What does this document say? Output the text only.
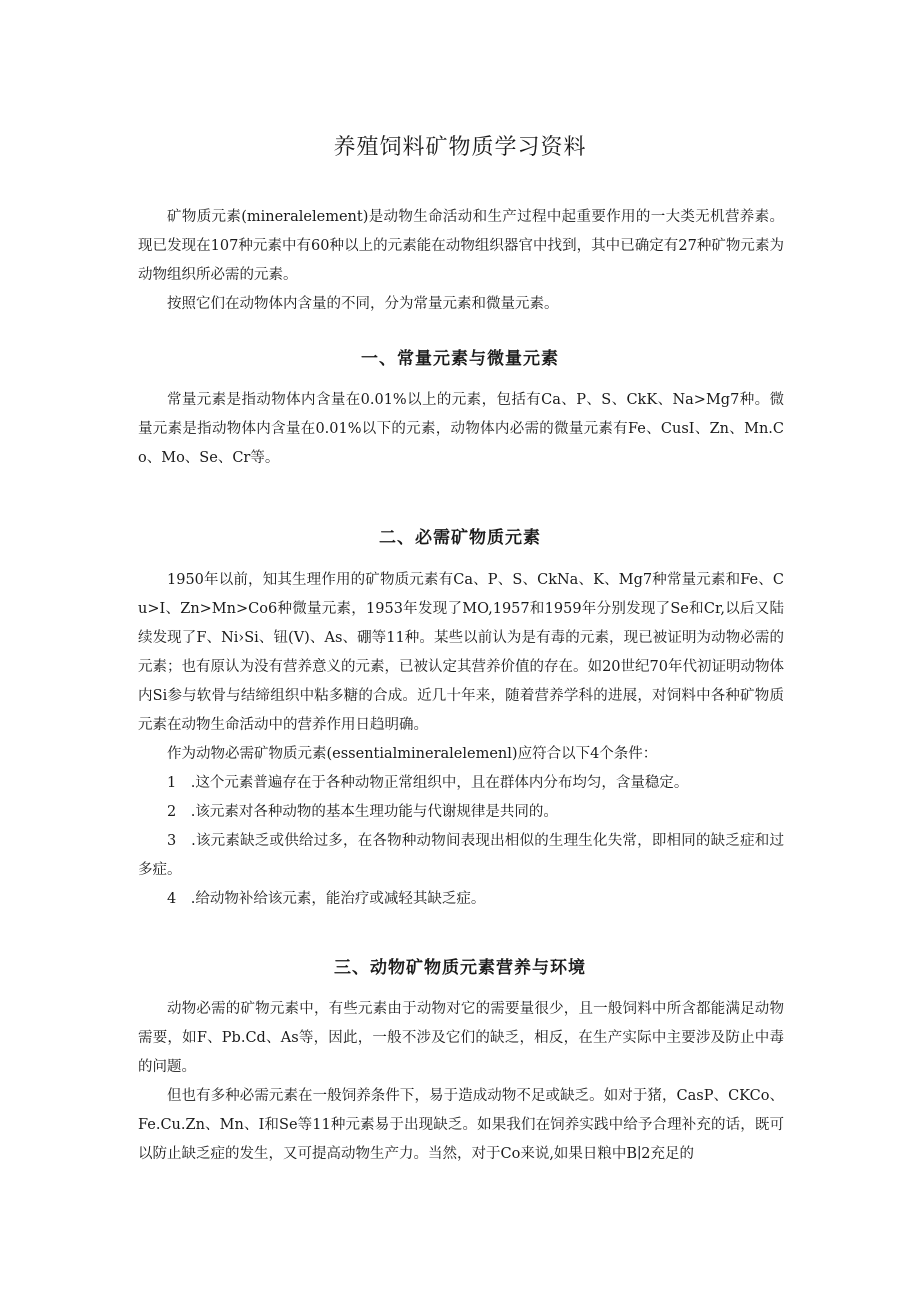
养殖饲料矿物质学习资料

矿物质元素(mineralelement)是动物生命活动和生产过程中起重要作用的一大类无机营养素。现已发现在107种元素中有60种以上的元素能在动物组织器官中找到，其中已确定有27种矿物元素为动物组织所必需的元素。

按照它们在动物体内含量的不同，分为常量元素和微量元素。

一、常量元素与微量元素

常量元素是指动物体内含量在0.01%以上的元素，包括有Ca、P、S、CkK、Na>Mg7种。微量元素是指动物体内含量在0.01%以下的元素，动物体内必需的微量元素有Fe、CusI、Zn、Mn.Co、Mo、Se、Cr等。

二、必需矿物质元素

1950年以前，知其生理作用的矿物质元素有Ca、P、S、CkNa、K、Mg7种常量元素和Fe、Cu>I、Zn>Mn>Co6种微量元素，1953年发现了MO,1957和1959年分别发现了Se和Cr,以后又陆续发现了F、Ni›Si、钮(V)、As、硼等11种。某些以前认为是有毒的元素，现已被证明为动物必需的元素；也有原认为没有营养意义的元素，已被认定其营养价值的存在。如20世纪70年代初证明动物体内Si参与软骨与结缔组织中粘多糖的合成。近几十年来，随着营养学科的进展，对饲料中各种矿物质元素在动物生命活动中的营养作用日趋明确。

作为动物必需矿物质元素(essentialmineralelemenl)应符合以下4个条件：

1　.这个元素普遍存在于各种动物正常组织中，且在群体内分布均匀，含量稳定。

2　.该元素对各种动物的基本生理功能与代谢规律是共同的。

3　.该元素缺乏或供给过多，在各物种动物间表现出相似的生理生化失常，即相同的缺乏症和过多症。

4　.给动物补给该元素，能治疗或减轻其缺乏症。

三、动物矿物质元素营养与环境

动物必需的矿物元素中，有些元素由于动物对它的需要量很少，且一般饲料中所含都能满足动物需要，如F、Pb.Cd、As等，因此，一般不涉及它们的缺乏，相反，在生产实际中主要涉及防止中毒的问题。

但也有多种必需元素在一般饲养条件下，易于造成动物不足或缺乏。如对于猪，CasP、CKCo、Fe.Cu.Zn、Mn、I和Se等11种元素易于出现缺乏。如果我们在饲养实践中给予合理补充的话，既可以防止缺乏症的发生，又可提高动物生产力。当然，对于Co来说,如果日粮中B∣2充足的
